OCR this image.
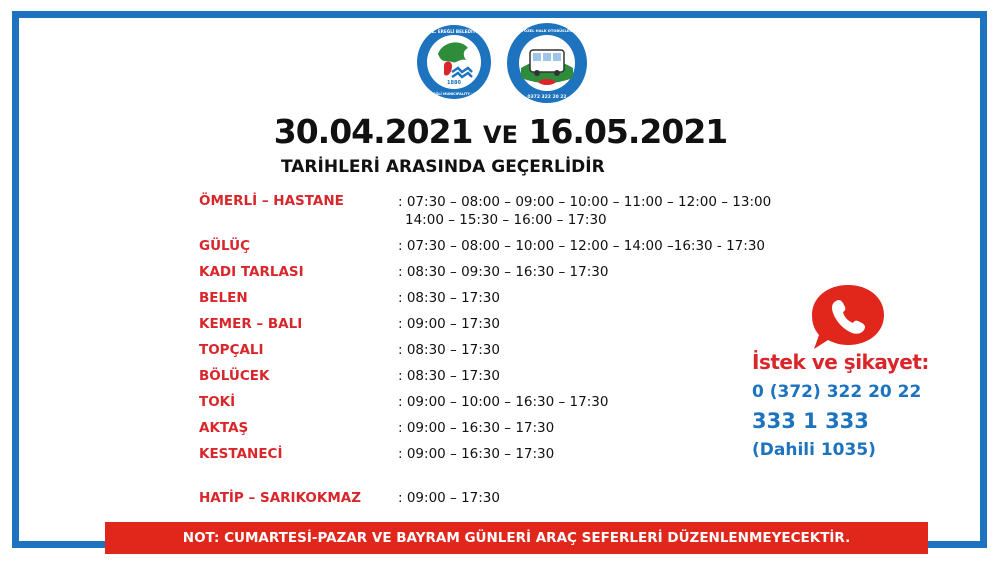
1880
KDZ. EREĞLİ BELEDİYESİ
KDZ. EREĞLİ MUNICIPALITY - TÜRKİYE
19 NOLU CİLEK ÖZEL HALK OTOBÜSLERİ KOOPERATİFİ
0372 322 20 22
30.04.2021 VE 16.05.2021
TARİHLERİ ARASINDA GEÇERLİDİR
ÖMERLİ – HASTANE	: 07:30 – 08:00 – 09:00 – 10:00 – 11:00 – 12:00 – 13:00
14:00 – 15:30 – 16:00 – 17:30
GÜLÜÇ	: 07:30 – 08:00 – 10:00 – 12:00 – 14:00 –16:30 - 17:30
KADI TARLASI	: 08:30 – 09:30 – 16:30 – 17:30
BELEN	: 08:30 – 17:30
KEMER – BALI	: 09:00 – 17:30
TOPÇALI	: 08:30 – 17:30
BÖLÜCEK	: 08:30 – 17:30
TOKİ	: 09:00 – 10:00 – 16:30 – 17:30
AKTAŞ	: 09:00 – 16:30 – 17:30
KESTANECİ	: 09:00 – 16:30 – 17:30
HATİP – SARIKOKMAZ	: 09:00 – 17:30
İstek ve şikayet:
0 (372) 322 20 22
333 1 333
(Dahili 1035)
NOT: CUMARTESİ-PAZAR VE BAYRAM GÜNLERİ ARAÇ SEFERLERİ DÜZENLENMEYECEKTİR.
